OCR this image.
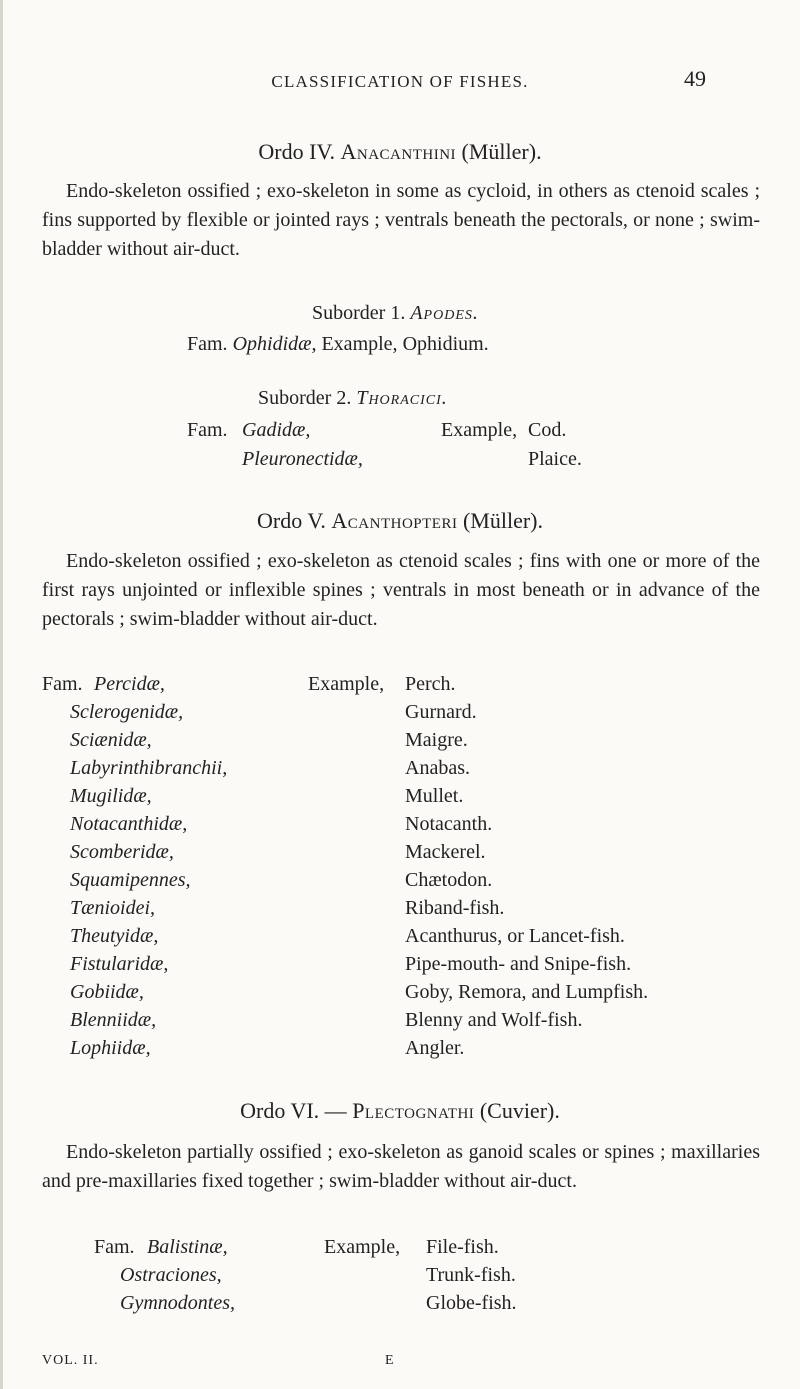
CLASSIFICATION OF FISHES.	49
Ordo IV. Anacanthini (Müller).
Endo-skeleton ossified ; exo-skeleton in some as cycloid, in others as ctenoid scales ; fins supported by flexible or jointed rays ; ventrals beneath the pectorals, or none ; swim-bladder without air-duct.
Suborder 1. Apodes.
Fam. Ophididæ, Example, Ophidium.
Suborder 2. Thoracici.
Fam. Gadidæ,	Example, Cod.
Pleuronectidæ,	Plaice.
Ordo V. Acanthopteri (Müller).
Endo-skeleton ossified ; exo-skeleton as ctenoid scales ; fins with one or more of the first rays unjointed or inflexible spines ; ventrals in most beneath or in advance of the pectorals ; swim-bladder without air-duct.
Fam. Percidæ,	Example, Perch.
Sclerogenidæ,	Gurnard.
Sciænidæ,	Maigre.
Labyrinthibranchii,	Anabas.
Mugilidæ,	Mullet.
Notacanthidæ,	Notacanth.
Scomberidæ,	Mackerel.
Squamipennes,	Chætodon.
Tænioidei,	Riband-fish.
Theutyidæ,	Acanthurus, or Lancet-fish.
Fistularidæ,	Pipe-mouth- and Snipe-fish.
Gobiidæ,	Goby, Remora, and Lumpfish.
Blenniidæ,	Blenny and Wolf-fish.
Lophiidæ,	Angler.
Ordo VI. — Plectognathi (Cuvier).
Endo-skeleton partially ossified ; exo-skeleton as ganoid scales or spines ; maxillaries and pre-maxillaries fixed together ; swim-bladder without air-duct.
Fam. Balistinæ,	Example, File-fish.
Ostraciones,	Trunk-fish.
Gymnodontes,	Globe-fish.
VOL. II.	E
